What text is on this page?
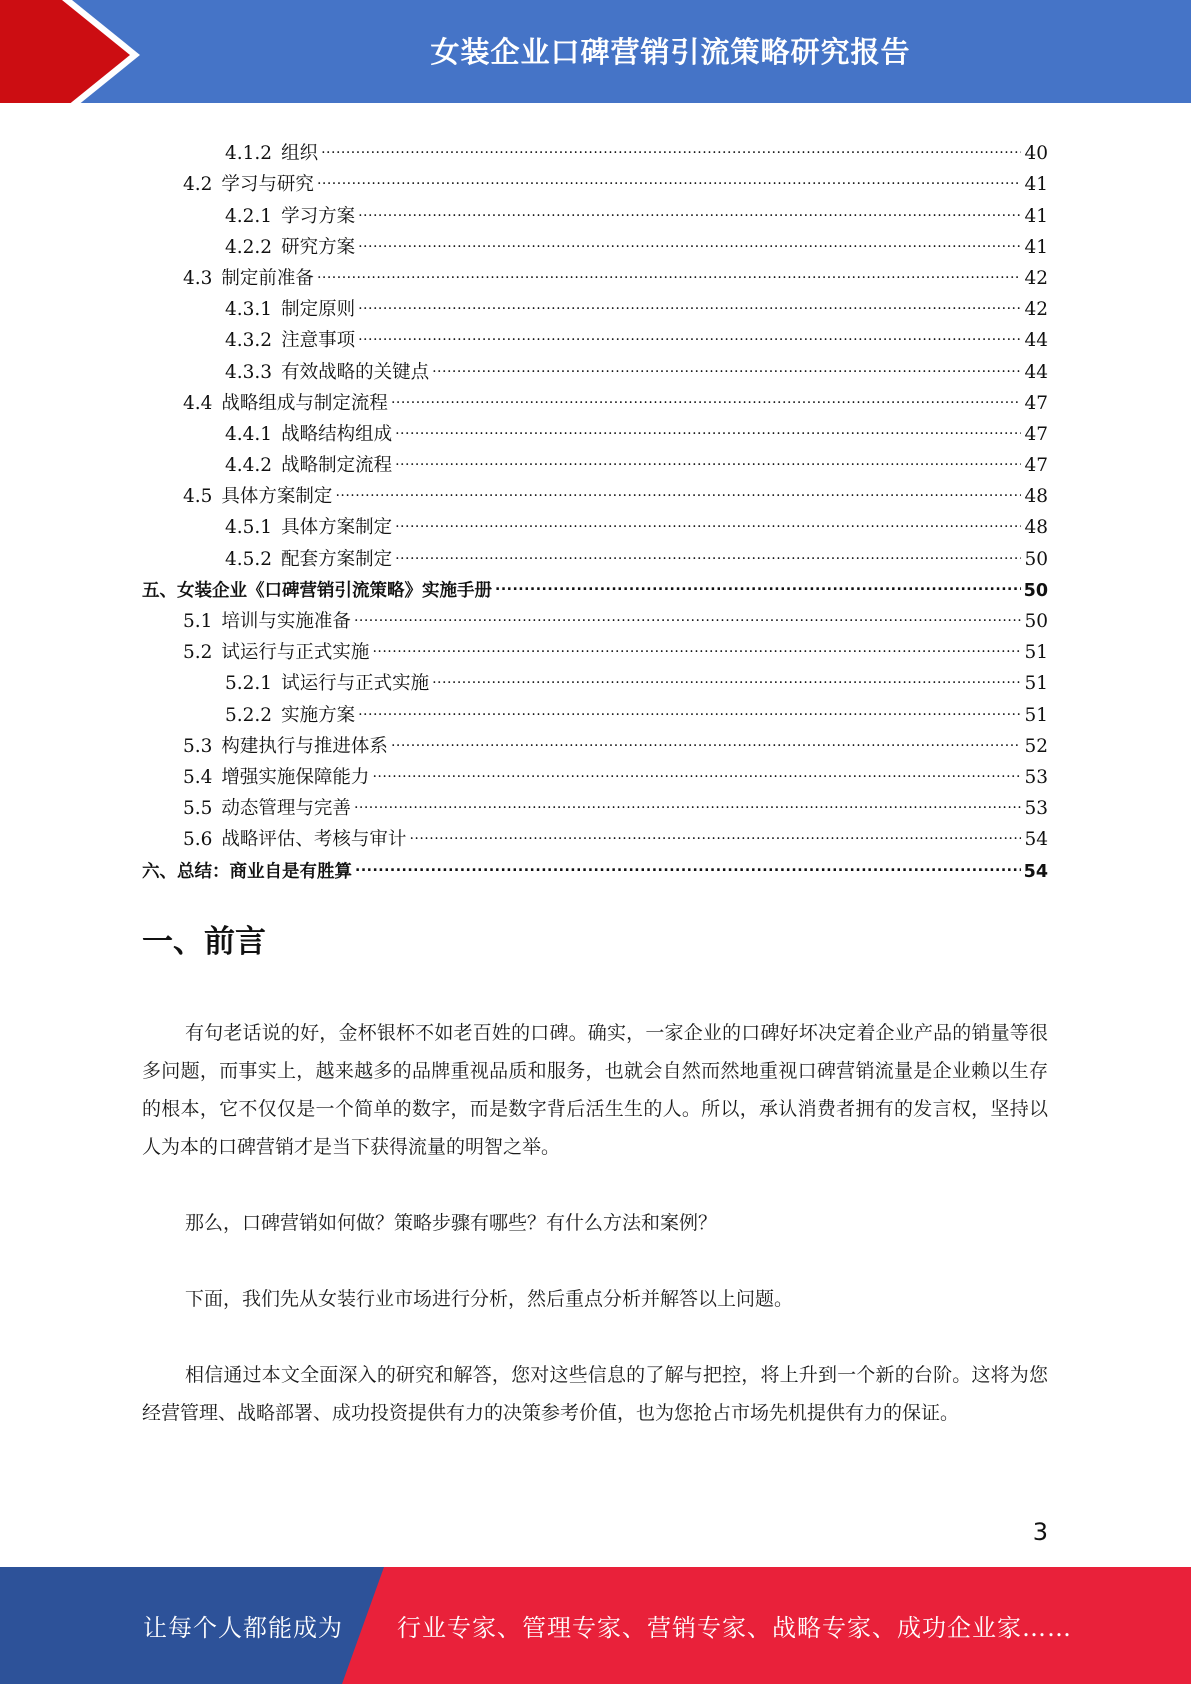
女装企业口碑营销引流策略研究报告
4.1.2 组织 .....	40
4.2 学习与研究 .....	41
4.2.1 学习方案 .....	41
4.2.2 研究方案 .....	41
4.3 制定前准备 .....	42
4.3.1 制定原则 .....	42
4.3.2 注意事项 .....	44
4.3.3 有效战略的关键点 .....	44
4.4 战略组成与制定流程 .....	47
4.4.1 战略结构组成 .....	47
4.4.2 战略制定流程 .....	47
4.5 具体方案制定 .....	48
4.5.1 具体方案制定 .....	48
4.5.2 配套方案制定 .....	50
五、 女装企业《口碑营销引流策略》实施手册 .....	50
5.1 培训与实施准备 .....	50
5.2 试运行与正式实施 .....	51
5.2.1 试运行与正式实施 .....	51
5.2.2 实施方案 .....	51
5.3 构建执行与推进体系 .....	52
5.4 增强实施保障能力 .....	53
5.5 动态管理与完善 .....	53
5.6 战略评估、考核与审计 .....	54
六、 总结：商业自是有胜算 .....	54
一、前言

有句老话说的好，金杯银杯不如老百姓的口碑。确实，一家企业的口碑好坏决定着企业产品的销量等很多问题，而事实上，越来越多的品牌重视品质和服务，也就会自然而然地重视口碑营销流量是企业赖以生存的根本，它不仅仅是一个简单的数字，而是数字背后活生生的人。所以，承认消费者拥有的发言权，坚持以人为本的口碑营销才是当下获得流量的明智之举。

那么，口碑营销如何做？策略步骤有哪些？有什么方法和案例？

下面，我们先从女装行业市场进行分析，然后重点分析并解答以上问题。

相信通过本文全面深入的研究和解答，您对这些信息的了解与把控，将上升到一个新的台阶。这将为您经营管理、战略部署、成功投资提供有力的决策参考价值，也为您抢占市场先机提供有力的保证。

3
让每个人都能成为 行业专家、管理专家、营销专家、战略专家、成功企业家……
